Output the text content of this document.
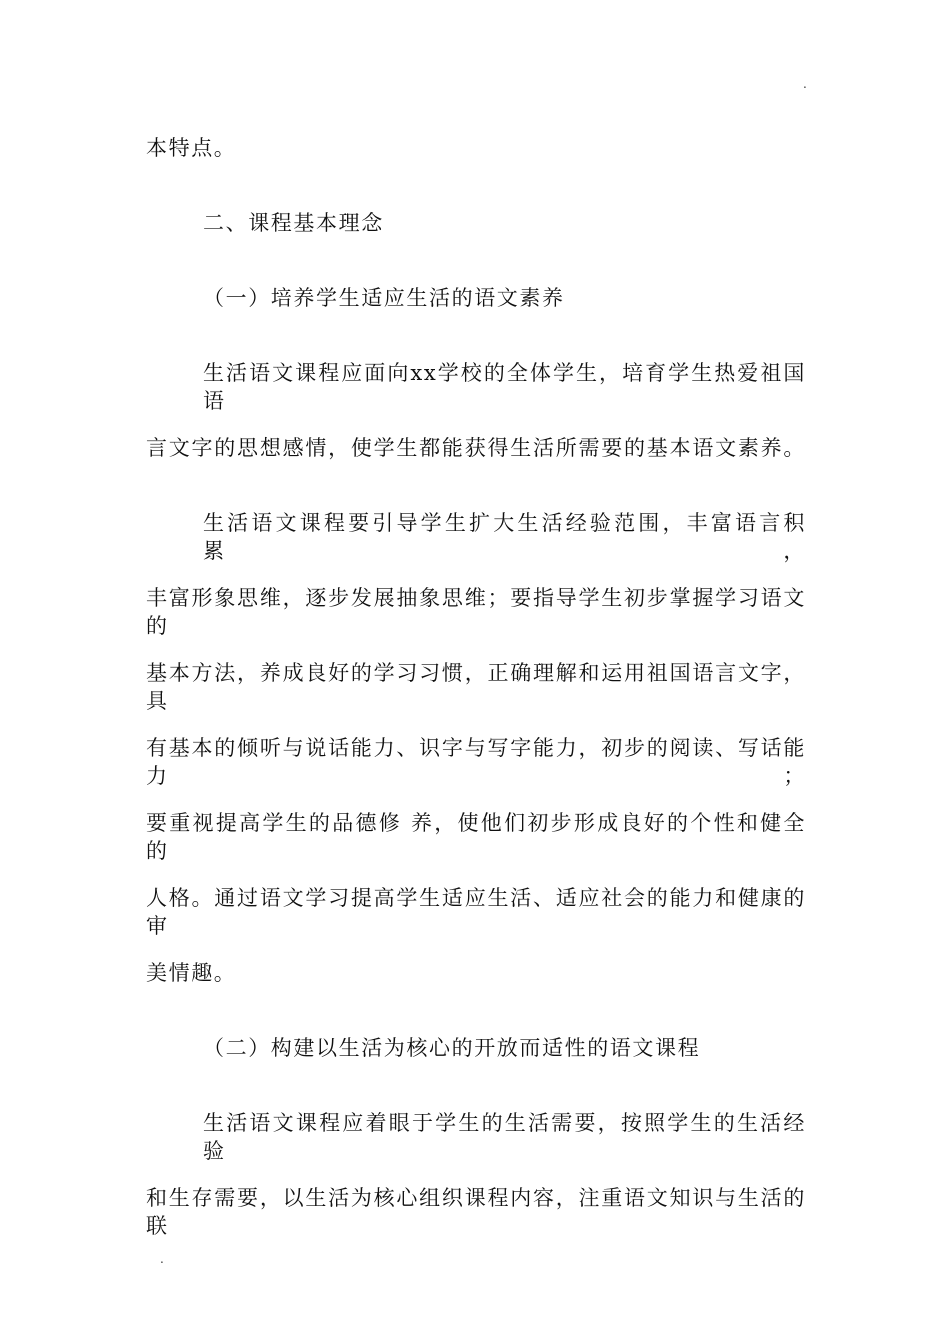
.
本特点。
二、课程基本理念
（一）培养学生适应生活的语文素养
生活语文课程应面向xx学校的全体学生，培育学生热爱祖国语
言文字的思想感情，使学生都能获得生活所需要的基本语文素养。
生活语文课程要引导学生扩大生活经验范围，丰富语言积累，
丰富形象思维，逐步发展抽象思维；要指导学生初步掌握学习语文的
基本方法，养成良好的学习习惯，正确理解和运用祖国语言文字，具
有基本的倾听与说话能力、识字与写字能力，初步的阅读、写话能力；
要重视提高学生的品德修 养，使他们初步形成良好的个性和健全的
人格。通过语文学习提高学生适应生活、适应社会的能力和健康的审
美情趣。
（二）构建以生活为核心的开放而适性的语文课程
生活语文课程应着眼于学生的生活需要，按照学生的生活经验
和生存需要，以生活为核心组织课程内容，注重语文知识与生活的联
.
